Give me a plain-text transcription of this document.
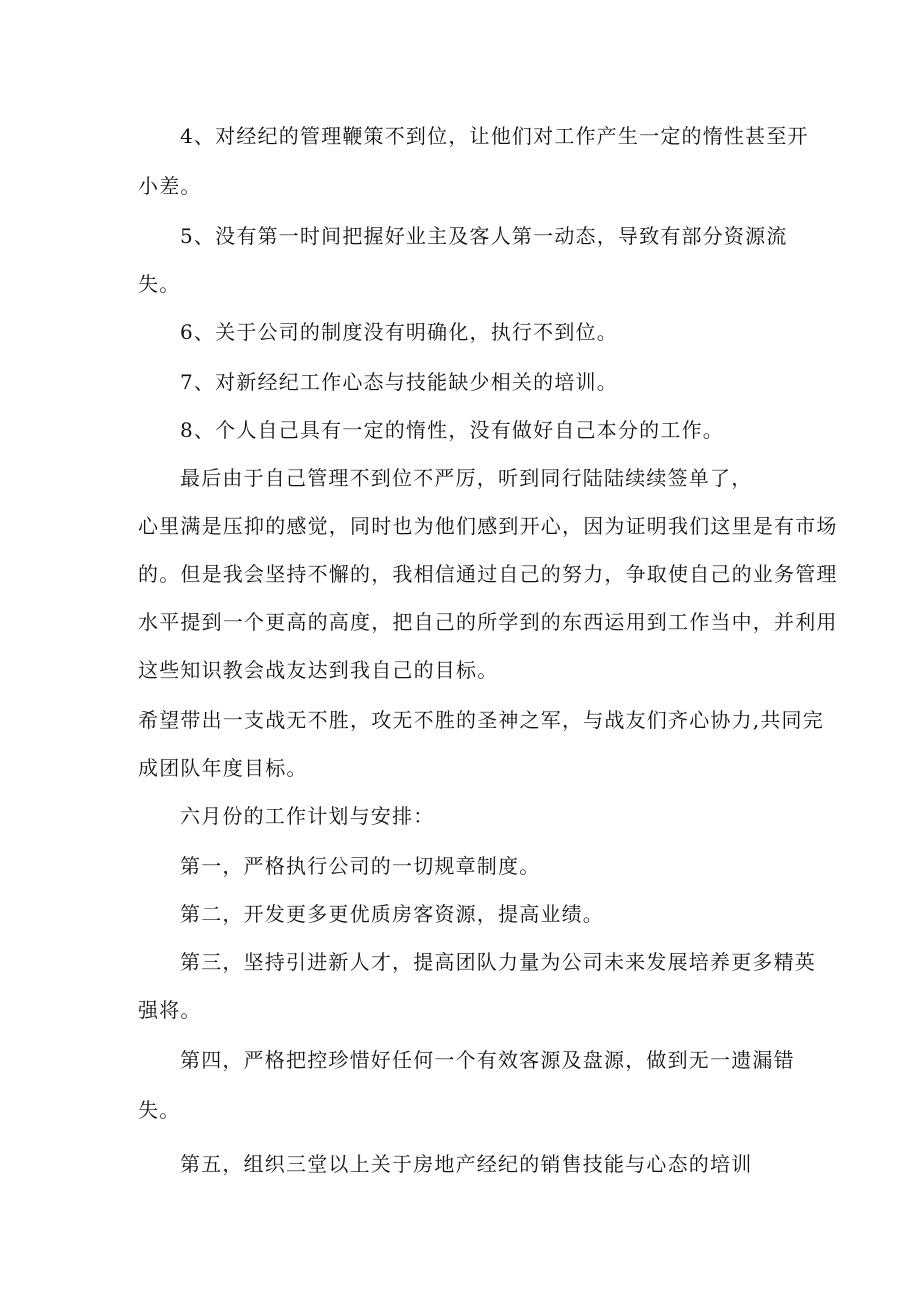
4、对经纪的管理鞭策不到位，让他们对工作产生一定的惰性甚至开
小差。
5、没有第一时间把握好业主及客人第一动态，导致有部分资源流
失。
6、关于公司的制度没有明确化，执行不到位。
7、对新经纪工作心态与技能缺少相关的培训。
8、个人自己具有一定的惰性，没有做好自己本分的工作。
最后由于自己管理不到位不严厉，听到同行陆陆续续签单了，
心里满是压抑的感觉，同时也为他们感到开心，因为证明我们这里是有市场
的。但是我会坚持不懈的，我相信通过自己的努力，争取使自己的业务管理
水平提到一个更高的高度，把自己的所学到的东西运用到工作当中，并利用
这些知识教会战友达到我自己的目标。
希望带出一支战无不胜，攻无不胜的圣神之军，与战友们齐心协力,共同完
成团队年度目标。
六月份的工作计划与安排：
第一，严格执行公司的一切规章制度。
第二，开发更多更优质房客资源，提高业绩。
第三，坚持引进新人才，提高团队力量为公司未来发展培养更多精英
强将。
第四，严格把控珍惜好任何一个有效客源及盘源，做到无一遗漏错
失。
第五，组织三堂以上关于房地产经纪的销售技能与心态的培训
